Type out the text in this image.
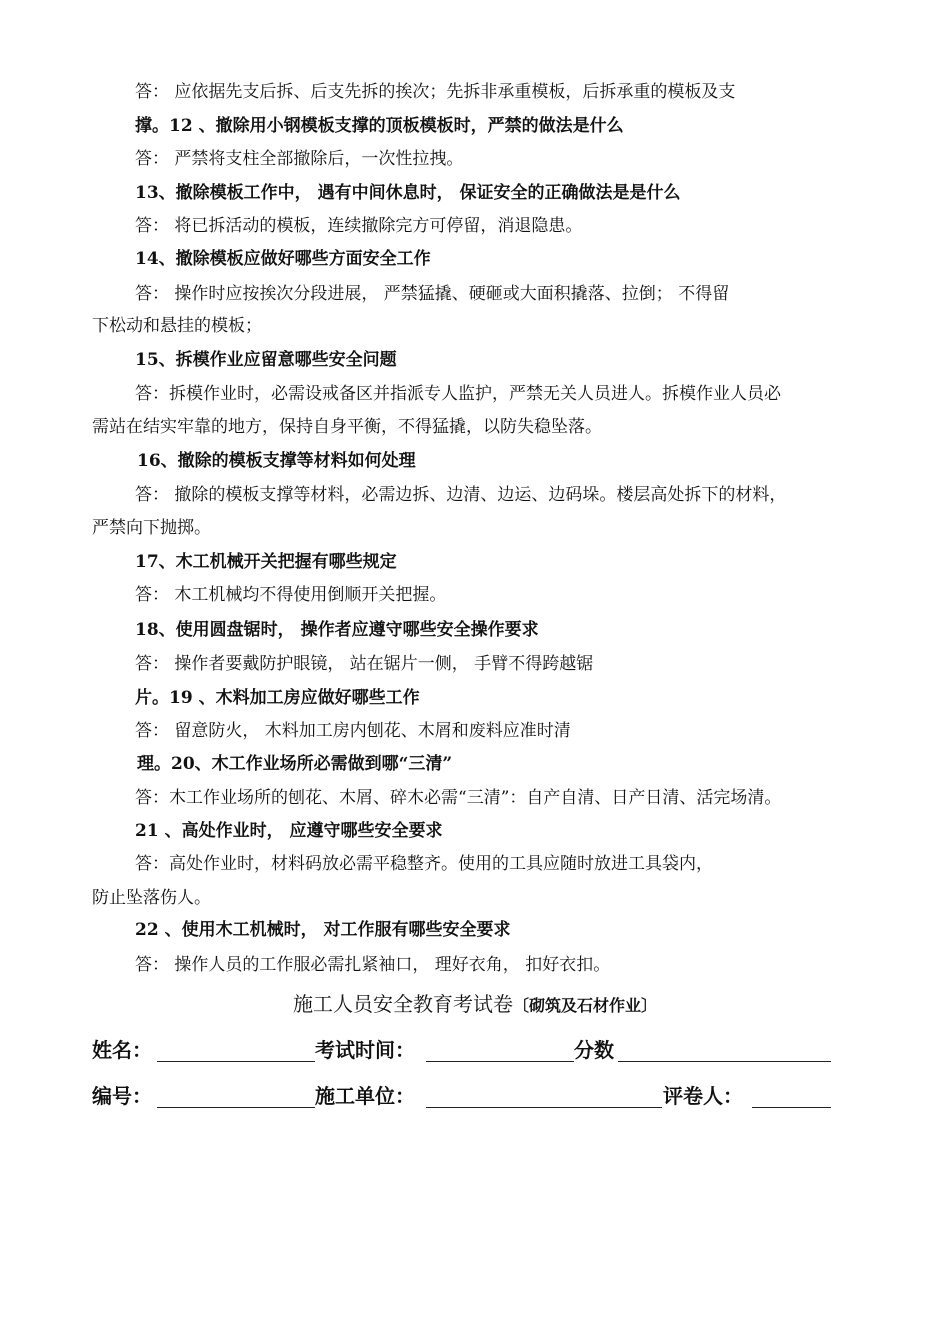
答： 应依据先支后拆、后支先拆的挨次；先拆非承重模板，后拆承重的模板及支
撑。12 、撤除用小钢模板支撑的顶板模板时，严禁的做法是什么
答： 严禁将支柱全部撤除后，一次性拉拽。
13、撤除模板工作中， 遇有中间休息时， 保证安全的正确做法是是什么
答： 将已拆活动的模板，连续撤除完方可停留，消退隐患。
14、撤除模板应做好哪些方面安全工作
答： 操作时应按挨次分段进展， 严禁猛撬、硬砸或大面积撬落、拉倒； 不得留
下松动和悬挂的模板；
15、拆模作业应留意哪些安全问题
答：拆模作业时，必需设戒备区并指派专人监护，严禁无关人员进人。拆模作业人员必
需站在结实牢靠的地方，保持自身平衡，不得猛撬，以防失稳坠落。
16、撤除的模板支撑等材料如何处理
答： 撤除的模板支撑等材料，必需边拆、边清、边运、边码垛。楼层高处拆下的材料，
严禁向下抛掷。
17、木工机械开关把握有哪些规定
答： 木工机械均不得使用倒顺开关把握。
18、使用圆盘锯时， 操作者应遵守哪些安全操作要求
答： 操作者要戴防护眼镜， 站在锯片一侧， 手臂不得跨越锯
片。19 、木料加工房应做好哪些工作
答： 留意防火， 木料加工房内刨花、木屑和废料应准时清
理。20、木工作业场所必需做到哪“三清”
答：木工作业场所的刨花、木屑、碎木必需“三清”：自产自清、日产日清、活完场清。
21 、高处作业时， 应遵守哪些安全要求
答：高处作业时，材料码放必需平稳整齐。使用的工具应随时放进工具袋内，
防止坠落伤人。
22 、使用木工机械时， 对工作服有哪些安全要求
答： 操作人员的工作服必需扎紧袖口， 理好衣角， 扣好衣扣。
施工人员安全教育考试卷〔砌筑及石材作业〕
姓名：	考试时间：	分数
编号：	施工单位：	评卷人：
